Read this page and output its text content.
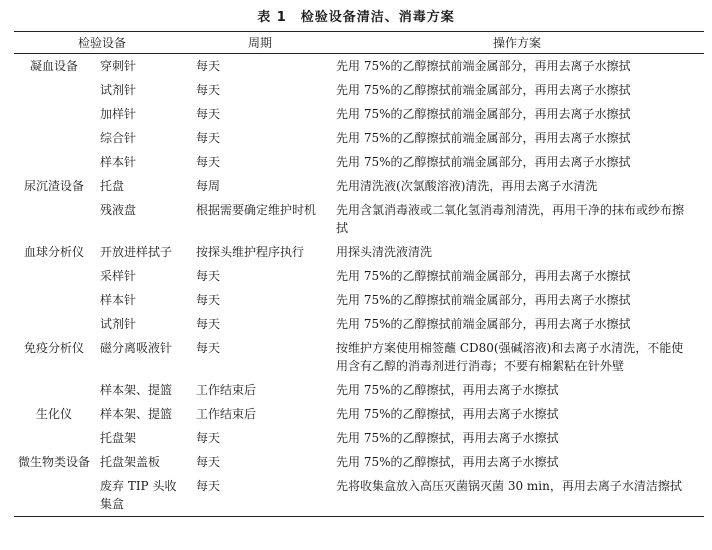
表 1 检验设备清洁、消毒方案
检验设备		周期	操作方案
凝血设备	穿刺针	每天	先用 75%的乙醇擦拭前端金属部分，再用去离子水擦拭
	试剂针	每天	先用 75%的乙醇擦拭前端金属部分，再用去离子水擦拭
	加样针	每天	先用 75%的乙醇擦拭前端金属部分，再用去离子水擦拭
	综合针	每天	先用 75%的乙醇擦拭前端金属部分，再用去离子水擦拭
	样本针	每天	先用 75%的乙醇擦拭前端金属部分，再用去离子水擦拭
尿沉渣设备	托盘	每周	先用清洗液(次氯酸溶液)清洗，再用去离子水清洗
	残液盘	根据需要确定维护时机	先用含氯消毒液或二氧化氢消毒剂清洗，再用干净的抹布或纱布擦拭
血球分析仪	开放进样拭子	按探头维护程序执行	用探头清洗液清洗
	采样针	每天	先用 75%的乙醇擦拭前端金属部分，再用去离子水擦拭
	样本针	每天	先用 75%的乙醇擦拭前端金属部分，再用去离子水擦拭
	试剂针	每天	先用 75%的乙醇擦拭前端金属部分，再用去离子水擦拭
免疫分析仪	磁分离吸液针	每天	按维护方案使用棉签蘸 CD80(强碱溶液)和去离子水清洗，不能使用含有乙醇的消毒剂进行消毒；不要有棉絮粘在针外壁
	样本架、提篮	工作结束后	先用 75%的乙醇擦拭，再用去离子水擦拭
生化仪	样本架、提篮	工作结束后	先用 75%的乙醇擦拭，再用去离子水擦拭
	托盘架	每天	先用 75%的乙醇擦拭，再用去离子水擦拭
微生物类设备	托盘架盖板	每天	先用 75%的乙醇擦拭，再用去离子水擦拭
	废弃 TIP 头收集盒	每天	先将收集盒放入高压灭菌锅灭菌 30 min，再用去离子水清洁擦拭
